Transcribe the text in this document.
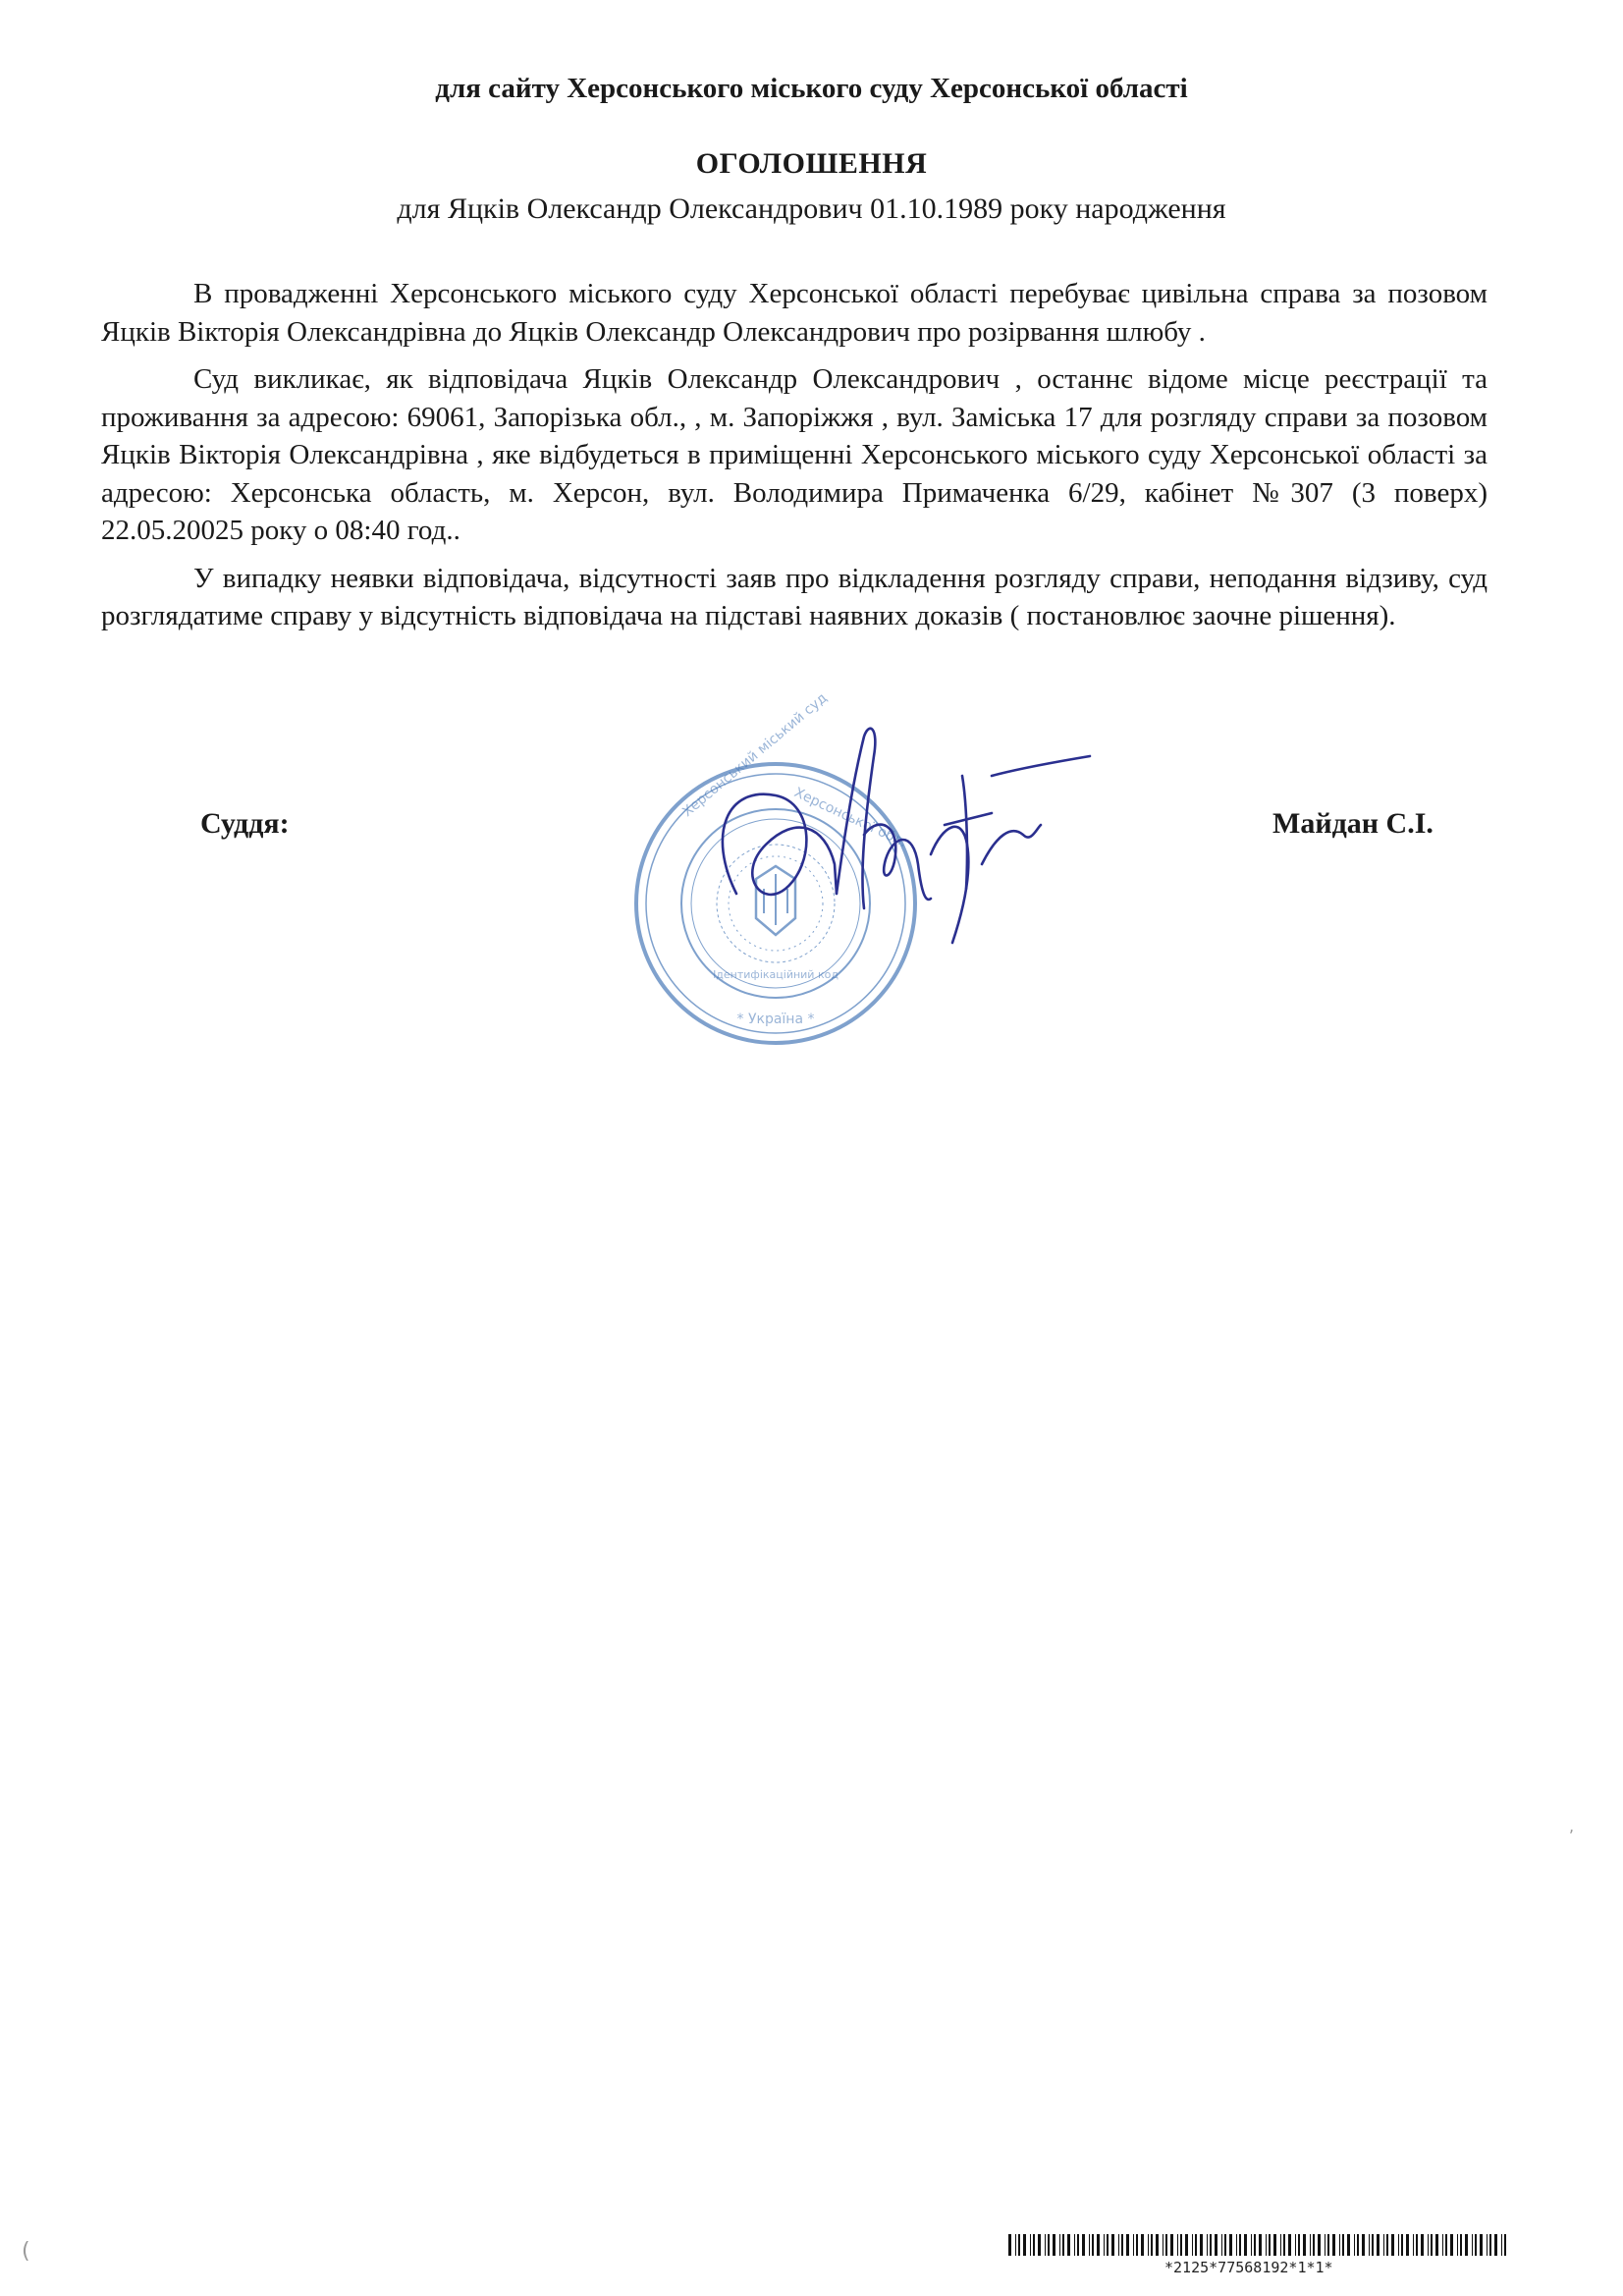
для сайту Херсонського міського суду Херсонської області
ОГОЛОШЕННЯ
для Яцків Олександр Олександрович 01.10.1989 року народження

В провадженні Херсонського міського суду Херсонської області перебуває цивільна справа за позовом Яцків Вікторія Олександрівна до Яцків Олександр Олександрович про розірвання шлюбу .

Суд викликає, як відповідача Яцків Олександр Олександрович , останнє відоме місце реєстрації та проживання за адресою: 69061, Запорізька обл., , м. Запоріжжя , вул. Заміська 17 для розгляду справи за позовом Яцків Вікторія Олександрівна , яке відбудеться в приміщенні Херсонського міського суду Херсонської області за адресою: Херсонська область, м. Херсон, вул. Володимира Примаченка 6/29, кабінет №307 (3 поверх) 22.05.20025 року о 08:40 год..

У випадку неявки відповідача, відсутності заяв про відкладення розгляду справи, неподання відзиву, суд розглядатиме справу у відсутність відповідача на підставі наявних доказів ( постановлює заочне рішення).

Херсонський міський суд
Херсонської обл.
* Україна *
Ідентифікаційний код
Суддя:	Майдан С.І.
,
(
*2125*77568192*1*1*
